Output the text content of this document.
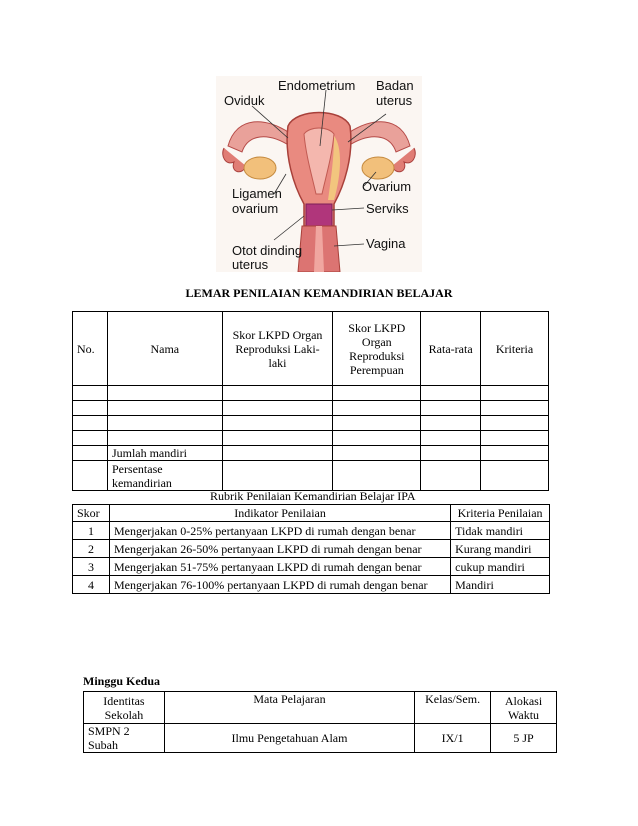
Oviduk
Endometrium Badan
uterus
Ovarium
Ligamen
ovarium	Serviks
Otot dinding
uterus
Vagina
LEMAR PENILAIAN KEMANDIRIAN BELAJAR
No.	Nama	Skor LKPD Organ Reproduksi Laki-laki	Skor LKPD Organ Reproduksi Perempuan	Rata-rata	Kriteria

	Jumlah mandiri				
	Persentase kemandirian				
Rubrik Penilaian Kemandirian Belajar IPA
Skor	Indikator Penilaian	Kriteria Penilaian
1	Mengerjakan 0-25% pertanyaan LKPD di rumah dengan benar	Tidak mandiri
2	Mengerjakan 26-50% pertanyaan LKPD di rumah dengan benar	Kurang mandiri
3	Mengerjakan 51-75% pertanyaan LKPD di rumah dengan benar	cukup mandiri
4	Mengerjakan 76-100% pertanyaan LKPD di rumah dengan benar	Mandiri
Minggu Kedua
Identitas Sekolah	Mata Pelajaran	Kelas/Sem.	Alokasi Waktu
SMPN 2 Subah	Ilmu Pengetahuan Alam	IX/1	5 JP
